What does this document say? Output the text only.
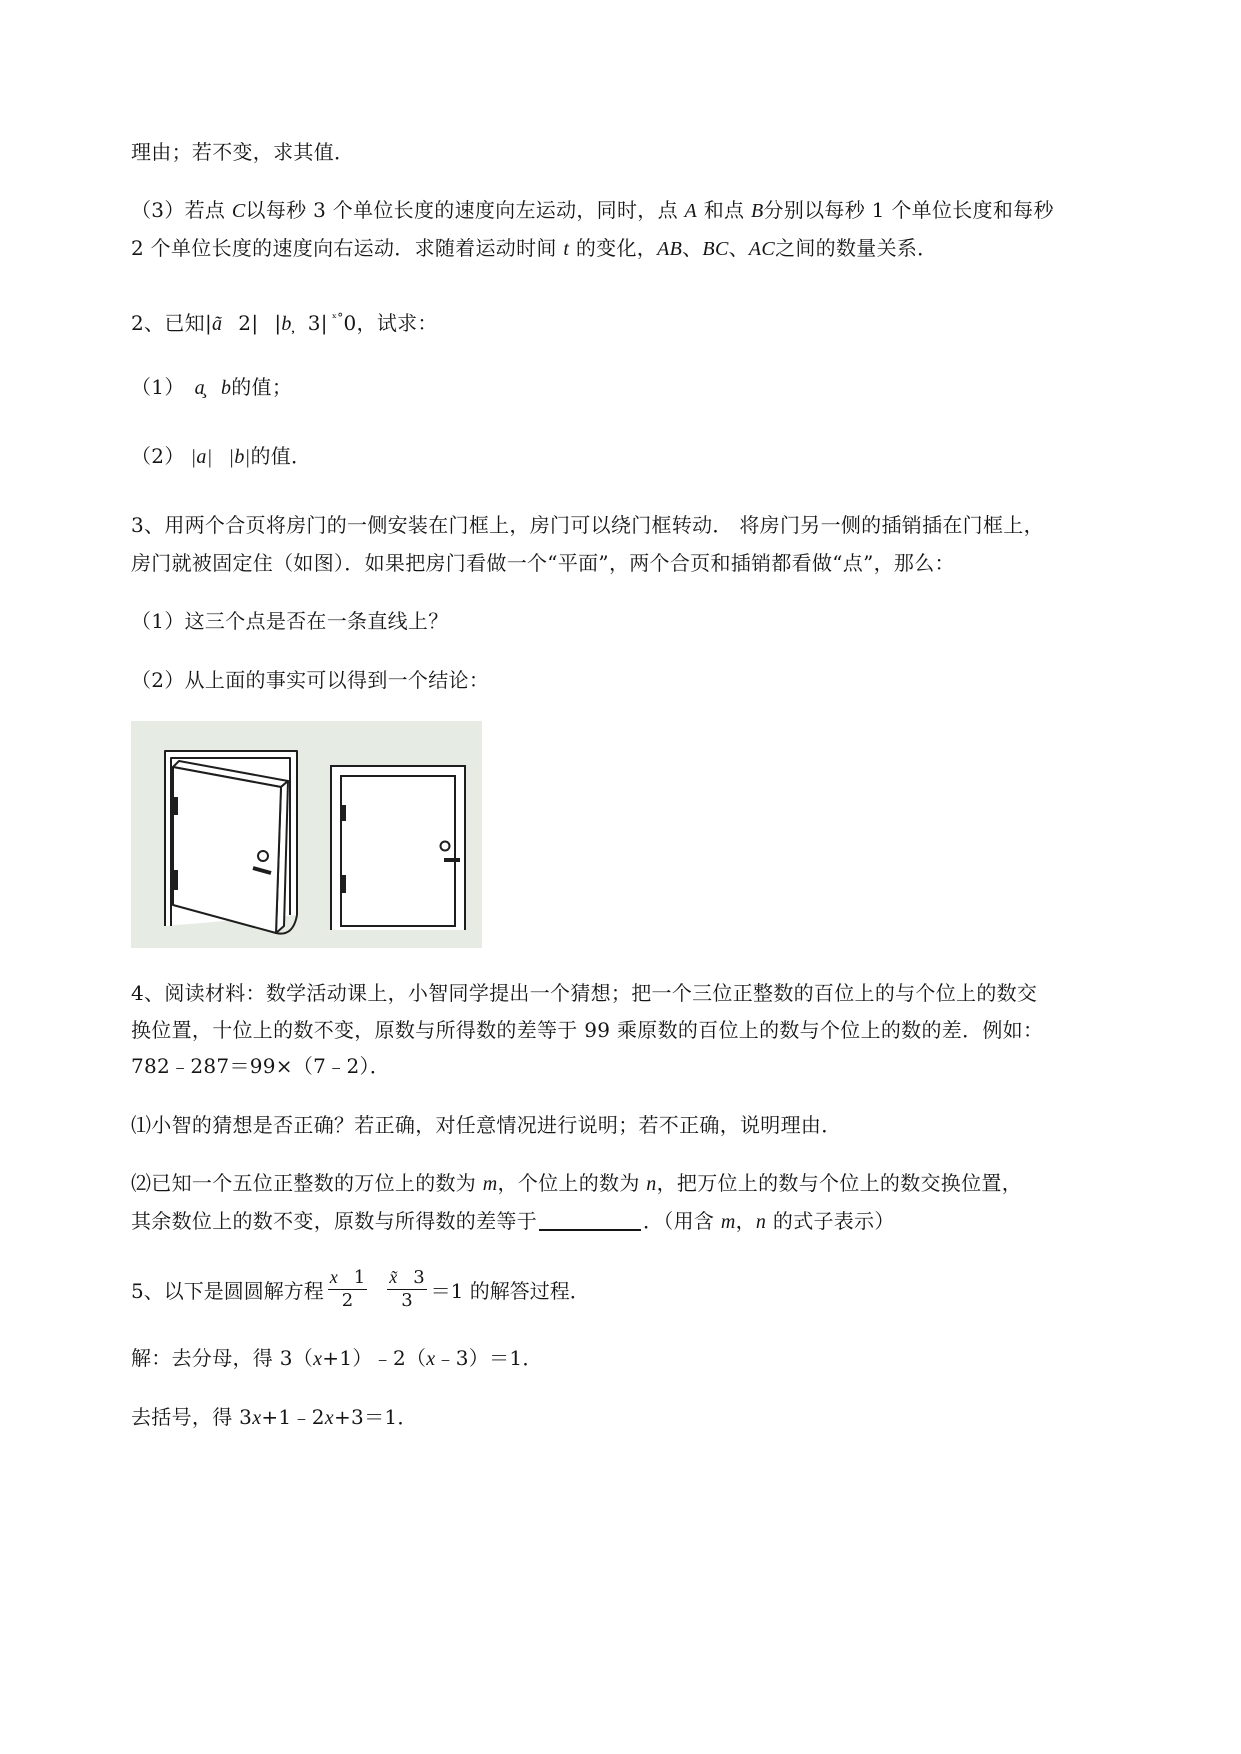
理由；若不变，求其值．
（3）若点 C以每秒 3 个单位长度的速度向左运动，同时，点 A 和点 B分别以每秒 1 个单位长度和每秒
2 个单位长度的速度向右运动．求随着运动时间 t 的变化，AB、BC、AC之间的数量关系．
2、已知|ã 2| |b̦ 3| $^{ˣ^\circ}$0，试求：
（1） a̧ b的值；
（2） |a| |b|的值．
3、用两个合页将房门的一侧安装在门框上，房门可以绕门框转动． 将房门另一侧的插销插在门框上，
房门就被固定住（如图）．如果把房门看做一个“平面”，两个合页和插销都看做“点”，那么：
（1）这三个点是否在一条直线上？
（2）从上面的事实可以得到一个结论：
4、阅读材料：数学活动课上，小智同学提出一个猜想；把一个三位正整数的百位上的与个位上的数交
换位置，十位上的数不变，原数与所得数的差等于 99 乘原数的百位上的数与个位上的数的差．例如：
782﹣287＝99×（7﹣2）．
⑴小智的猜想是否正确？若正确，对任意情况进行说明；若不正确，说明理由．
⑵已知一个五位正整数的万位上的数为 m，个位上的数为 n，把万位上的数与个位上的数交换位置，
其余数位上的数不变，原数与所得数的差等于	．（用含 m，n 的式子表示）
5、以下是圆圆解方程 $\frac{x 1}{2} \frac{x̃ 3}{3} =1$ 的解答过程．
解：去分母，得 3（x+1）﹣2（x﹣3）＝1．
去括号，得 3x+1﹣2x+3＝1．
